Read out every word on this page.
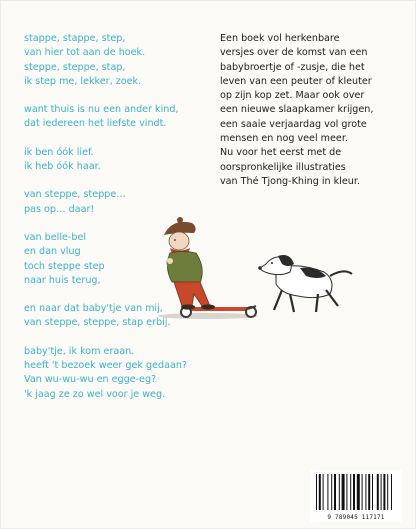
stappe, stappe, step,
van hier tot aan de hoek.
steppe, steppe, stap,
ik step me, lekker, zoek.
want thuis is nu een ander kind,
dat iedereen het liefste vindt.
ik ben óók lief.
ik heb óók haar.
van steppe, steppe…
pas op… daar!
van belle-bel
en dan vlug
toch steppe step
naar huis terug,
en naar dat baby'tje van mij,
van steppe, steppe, stap erbij.
baby'tje, ik kom eraan.
heeft 't bezoek weer gek gedaan?
Van wu-wu-wu en egge-eg?
'k jaag ze zo wel voor je weg.
Een boek vol herkenbare
versjes over de komst van een
babybroertje of -zusje, die het
leven van een peuter of kleuter
op zijn kop zet. Maar ook over
een nieuwe slaapkamer krijgen,
een saaie verjaardag vol grote
mensen en nog veel meer.
Nu voor het eerst met de
oorspronkelijke illustraties
van Thé Tjong-Khing in kleur.
9 789045 117171
